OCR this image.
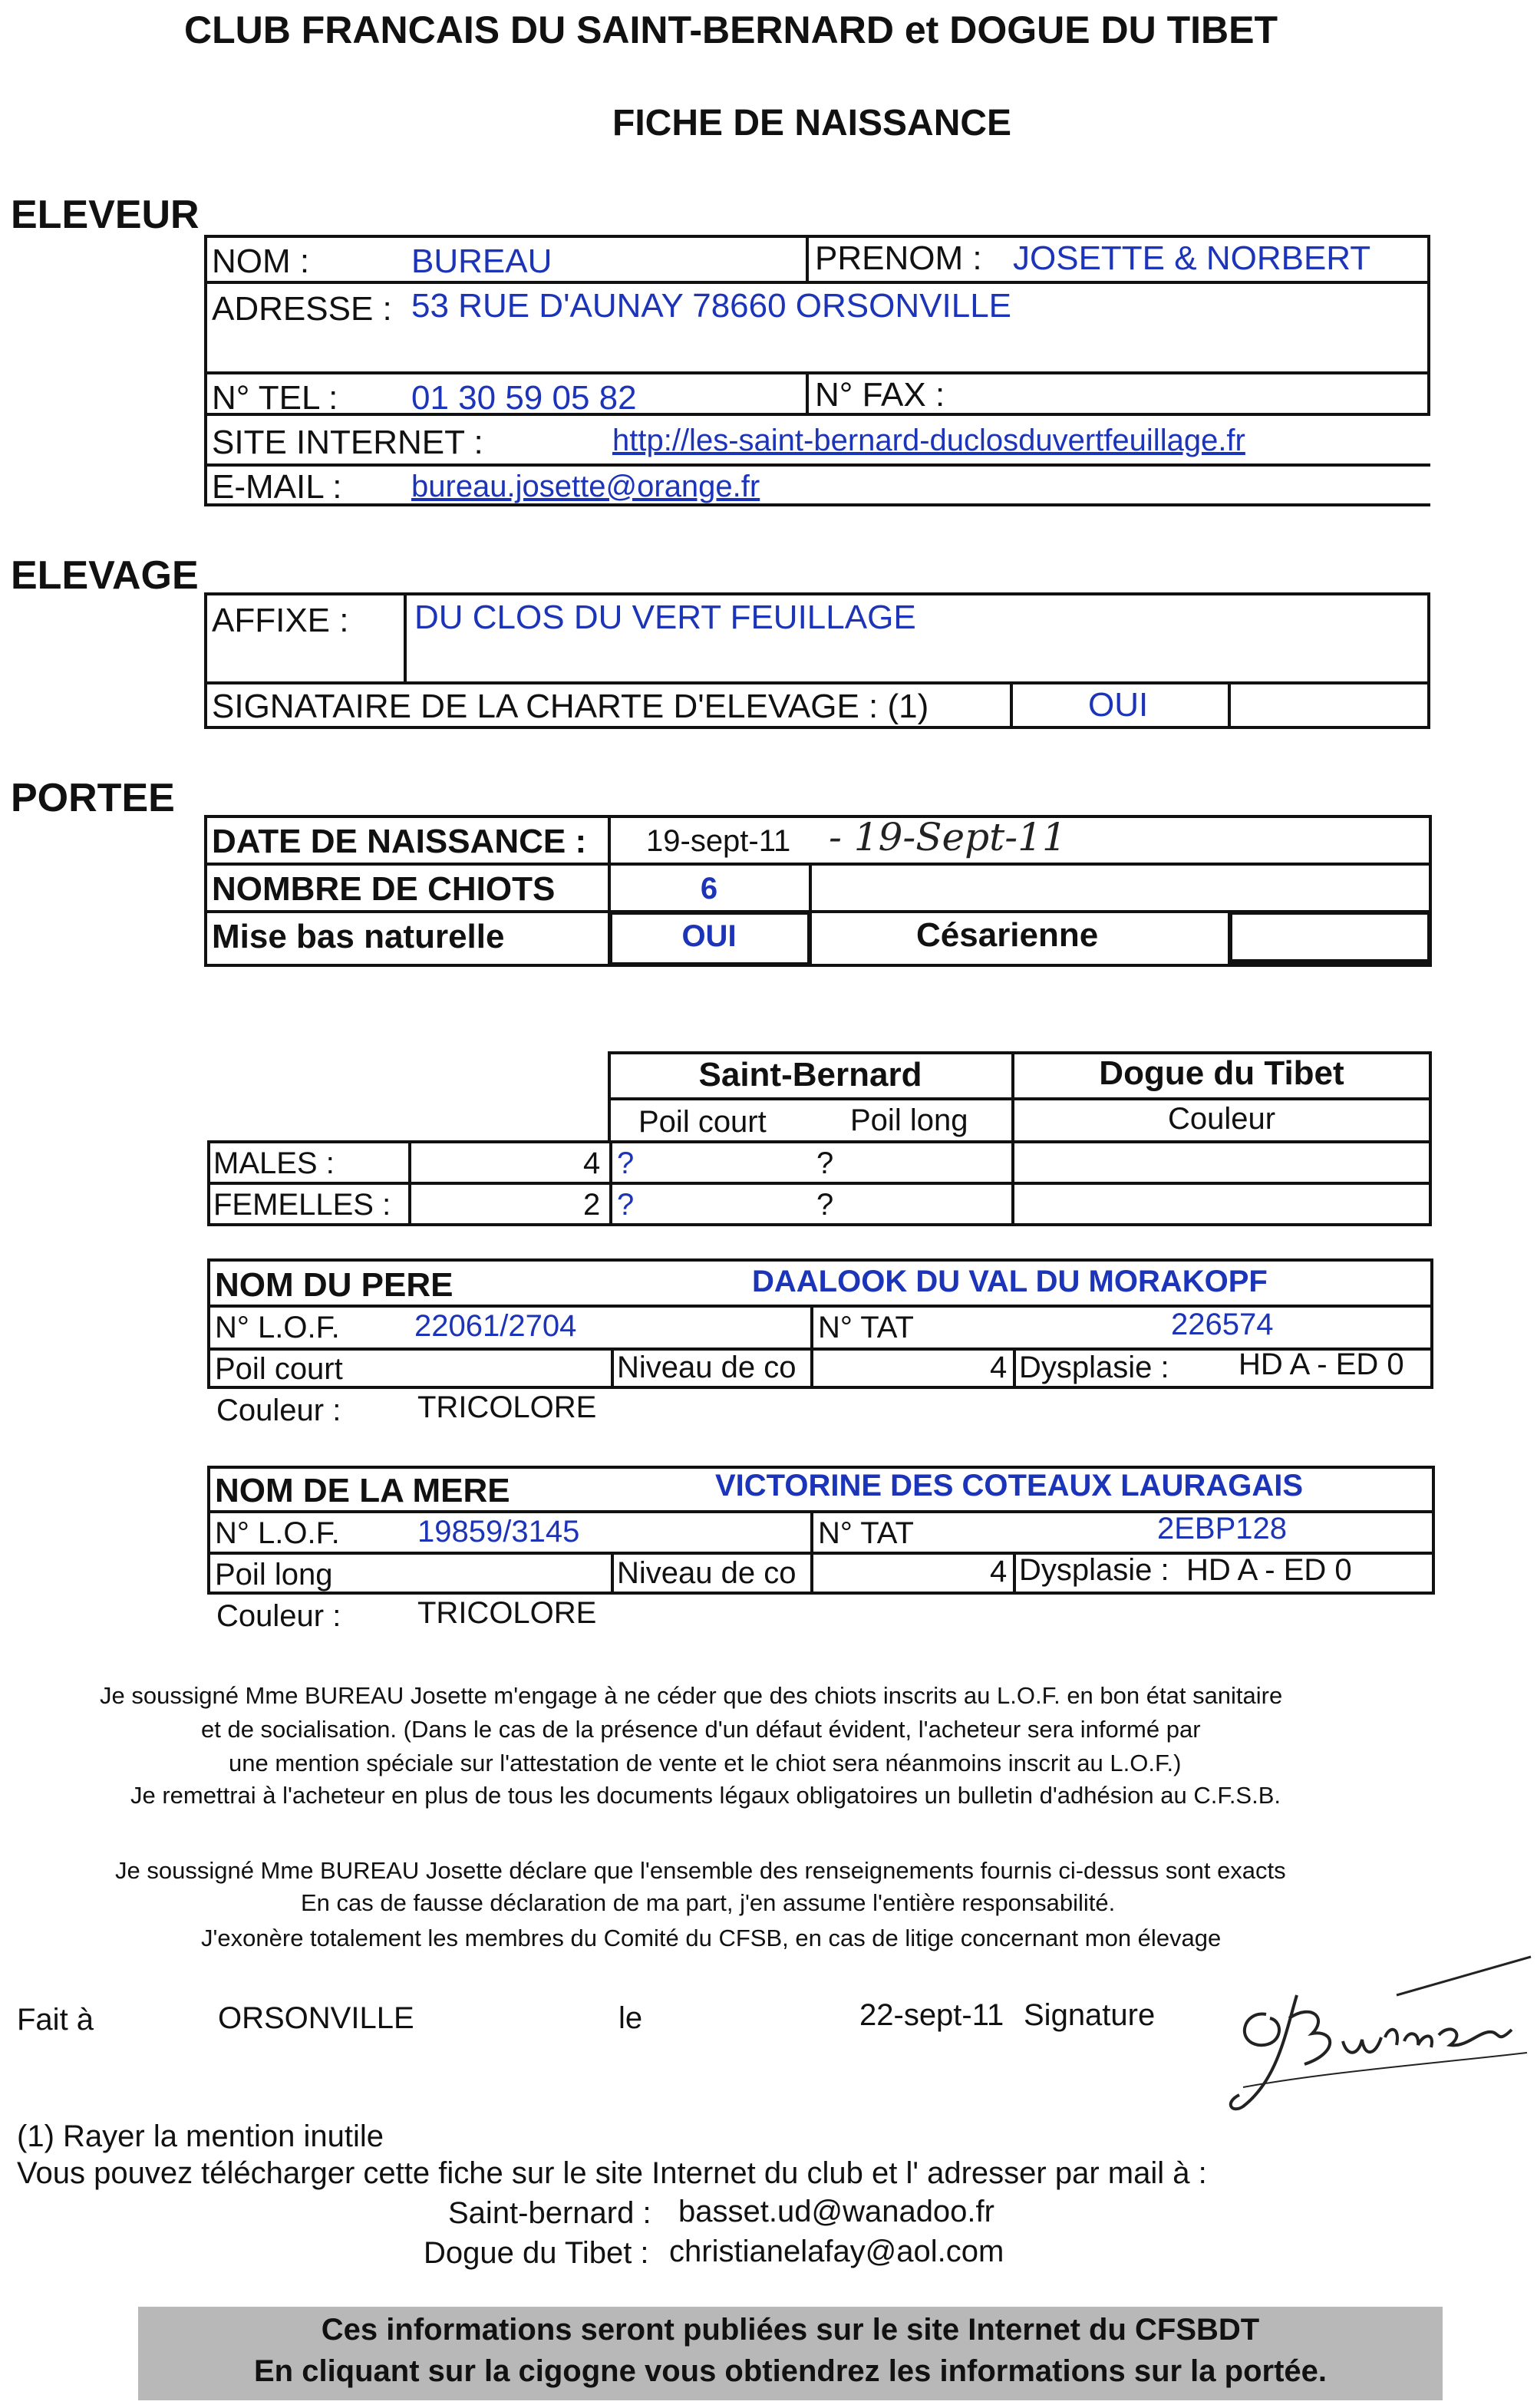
CLUB FRANCAIS DU SAINT-BERNARD et DOGUE DU TIBET
FICHE DE NAISSANCE
ELEVEUR
NOM :	BUREAU	PRENOM : JOSETTE & NORBERT
ADRESSE : 53 RUE D'AUNAY 78660 ORSONVILLE
N° TEL : 01 30 59 05 82	N° FAX :
SITE INTERNET :	http://les-saint-bernard-duclosduvertfeuillage.fr
E-MAIL : bureau.josette@orange.fr
ELEVAGE
AFFIXE : DU CLOS DU VERT FEUILLAGE
SIGNATAIRE DE LA CHARTE D'ELEVAGE : (1)	OUI
PORTEE
DATE DE NAISSANCE : 19-sept-11 - 19-Sept-11
NOMBRE DE CHIOTS	6
Mise bas naturelle	OUI	Césarienne
Saint-Bernard	Dogue du Tibet
Poil court	Poil long	Couleur
MALES :	4 ?	?
FEMELLES :	2 ?	?
NOM DU PERE	DAALOOK DU VAL DU MORAKOPF
N° L.O.F. 22061/2704	N° TAT	226574
Poil court	Niveau de co	4 Dysplasie : HD A - ED 0
Couleur : TRICOLORE
NOM DE LA MERE	VICTORINE DES COTEAUX LAURAGAIS
N° L.O.F.	19859/3145	N° TAT	2EBP128
Poil long	Niveau de co	4 Dysplasie : HD A - ED 0
Couleur : TRICOLORE
Je soussigné Mme BUREAU Josette m'engage à ne céder que des chiots inscrits au L.O.F. en bon état sanitaire
et de socialisation. (Dans le cas de la présence d'un défaut évident, l'acheteur sera informé par
une mention spéciale sur l'attestation de vente et le chiot sera néanmoins inscrit au L.O.F.)
Je remettrai à l'acheteur en plus de tous les documents légaux obligatoires un bulletin d'adhésion au C.F.S.B.
Je soussigné Mme BUREAU Josette déclare que l'ensemble des renseignements fournis ci-dessus sont exacts
En cas de fausse déclaration de ma part, j'en assume l'entière responsabilité.
J'exonère totalement les membres du Comité du CFSB, en cas de litige concernant mon élevage
Fait à	ORSONVILLE	le	22-sept-11 Signature
(1) Rayer la mention inutile
Vous pouvez télécharger cette fiche sur le site Internet du club et l' adresser par mail à :
Saint-bernard : basset.ud@wanadoo.fr
Dogue du Tibet : christianelafay@aol.com
Ces informations seront publiées sur le site Internet du CFSBDT
En cliquant sur la cigogne vous obtiendrez les informations sur la portée.
